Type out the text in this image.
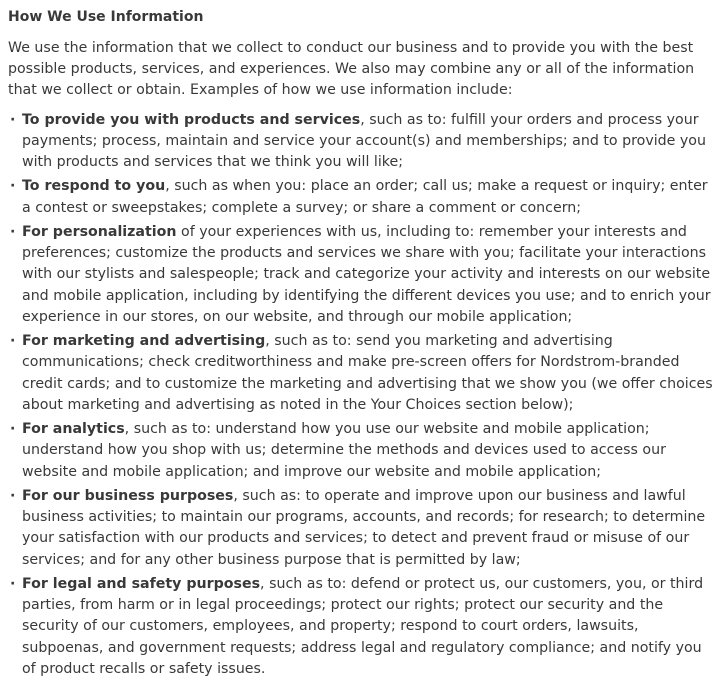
How We Use Information

We use the information that we collect to conduct our business and to provide you with the best possible products, services, and experiences. We also may combine any or all of the information that we collect or obtain. Examples of how we use information include:

· To provide you with products and services, such as to: fulfill your orders and process your payments; process, maintain and service your account(s) and memberships; and to provide you with products and services that we think you will like;
· To respond to you, such as when you: place an order; call us; make a request or inquiry; enter a contest or sweepstakes; complete a survey; or share a comment or concern;
· For personalization of your experiences with us, including to: remember your interests and preferences; customize the products and services we share with you; facilitate your interactions with our stylists and salespeople; track and categorize your activity and interests on our website and mobile application, including by identifying the different devices you use; and to enrich your experience in our stores, on our website, and through our mobile application;
· For marketing and advertising, such as to: send you marketing and advertising communications; check creditworthiness and make pre-screen offers for Nordstrom-branded credit cards; and to customize the marketing and advertising that we show you (we offer choices about marketing and advertising as noted in the Your Choices section below);
· For analytics, such as to: understand how you use our website and mobile application; understand how you shop with us; determine the methods and devices used to access our website and mobile application; and improve our website and mobile application;
· For our business purposes, such as: to operate and improve upon our business and lawful business activities; to maintain our programs, accounts, and records; for research; to determine your satisfaction with our products and services; to detect and prevent fraud or misuse of our services; and for any other business purpose that is permitted by law;
· For legal and safety purposes, such as to: defend or protect us, our customers, you, or third parties, from harm or in legal proceedings; protect our rights; protect our security and the security of our customers, employees, and property; respond to court orders, lawsuits, subpoenas, and government requests; address legal and regulatory compliance; and notify you of product recalls or safety issues.
